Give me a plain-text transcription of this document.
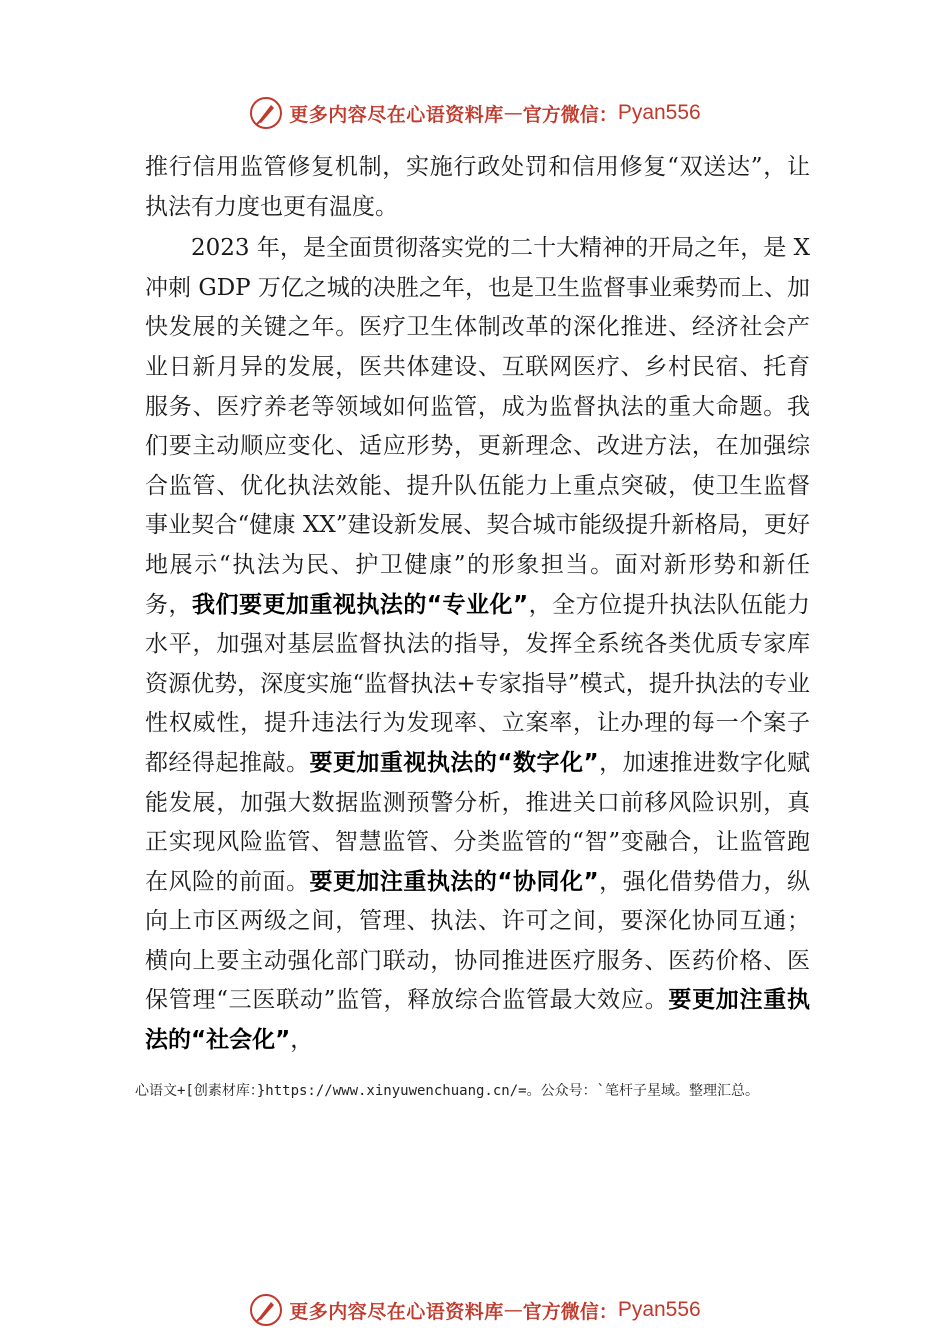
更多内容尽在心语资料库 — 官方微信： Pyan556

推行信用监管修复机制，实施行政处罚和信用修复“双送达”，让执法有力度也更有温度。

2023 年，是全面贯彻落实党的二十大精神的开局之年，是 X 冲刺 GDP 万亿之城的决胜之年，也是卫生监督事业乘势而上、加快发展的关键之年。医疗卫生体制改革的深化推进、经济社会产业日新月异的发展，医共体建设、互联网医疗、乡村民宿、托育服务、医疗养老等领域如何监管，成为监督执法的重大命题。我们要主动顺应变化、适应形势，更新理念、改进方法，在加强综合监管、优化执法效能、提升队伍能力上重点突破，使卫生监督事业契合“健康 XX”建设新发展、契合城市能级提升新格局，更好地展示“执法为民、护卫健康”的形象担当。面对新形势和新任务，我们要更加重视执法的“专业化”，全方位提升执法队伍能力水平，加强对基层监督执法的指导，发挥全系统各类优质专家库资源优势，深度实施“监督执法+专家指导”模式，提升执法的专业性权威性，提升违法行为发现率、立案率，让办理的每一个案子都经得起推敲。要更加重视执法的“数字化”，加速推进数字化赋能发展，加强大数据监测预警分析，推进关口前移风险识别，真正实现风险监管、智慧监管、分类监管的“智”变融合，让监管跑在风险的前面。要更加注重执法的“协同化”，强化借势借力，纵向上市区两级之间，管理、执法、许可之间，要深化协同互通；横向上要主动强化部门联动，协同推进医疗服务、医药价格、医保管理“三医联动”监管，释放综合监管最大效应。要更加注重执法的“社会化”，

心语文+[创素材库：}https://www.xinyuwenchuang.cn/=。公众号：`笔杆子星域。整理汇总。
更多内容尽在心语资料库 — 官方微信： Pyan556
